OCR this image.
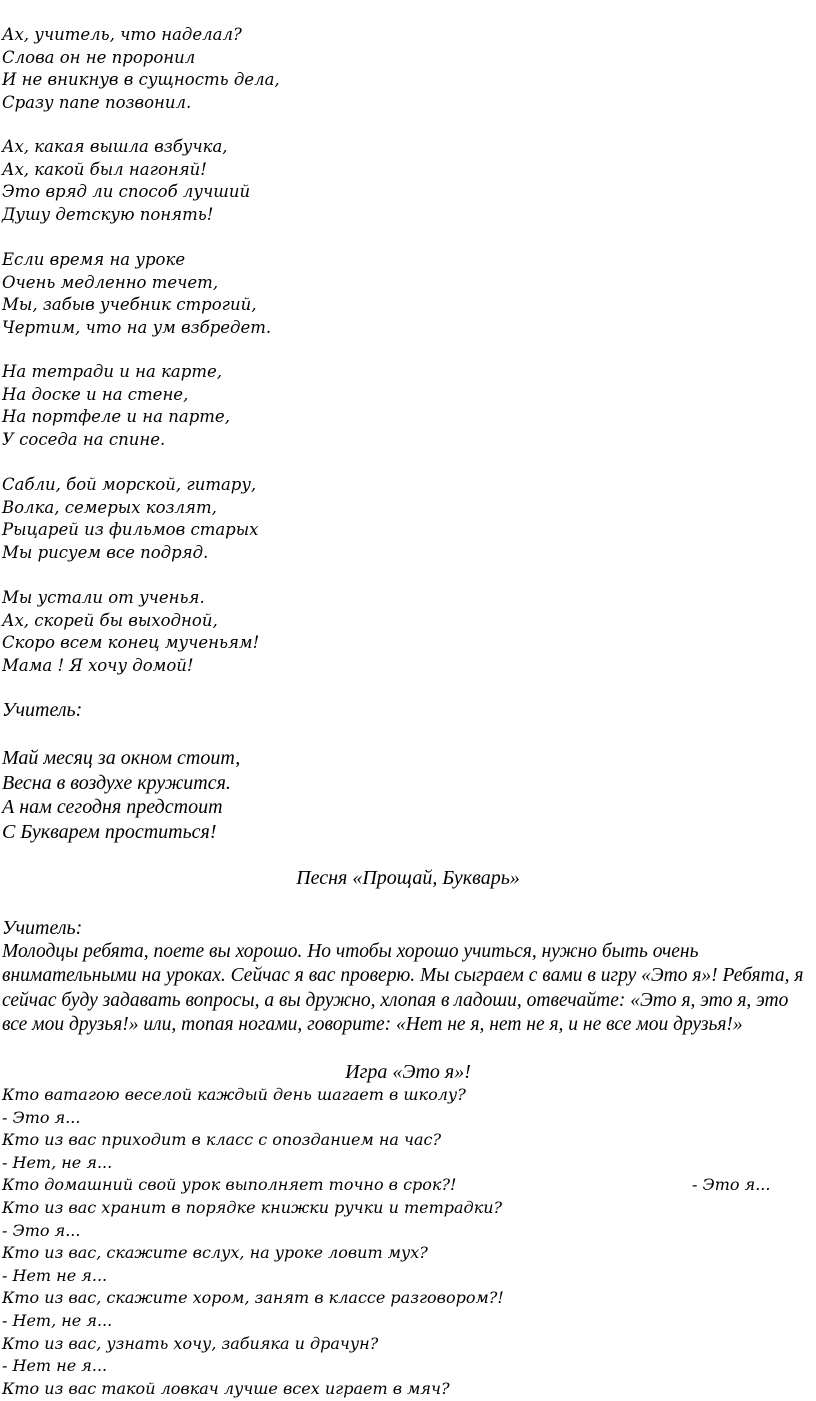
Ах, учитель, что наделал?
Слова он не проронил
И не вникнув в сущность дела,
Сразу папе позвонил.
Ах, какая вышла взбучка,
Ах, какой был нагоняй!
Это вряд ли способ лучший
Душу детскую понять!
Если время на уроке
Очень медленно течет,
Мы, забыв учебник строгий,
Чертим, что на ум взбредет.
На тетради и на карте,
На доске и на стене,
На портфеле и на парте,
У соседа на спине.
Сабли, бой морской, гитару,
Волка, семерых козлят,
Рыцарей из фильмов старых
Мы рисуем все подряд.
Мы устали от ученья.
Ах, скорей бы выходной,
Скоро всем конец мученьям!
Мама ! Я хочу домой!
Учитель:
Май месяц за окном стоит,
Весна в воздухе кружится.
А нам сегодня предстоит
С Букварем проститься!
Песня «Прощай, Букварь»
Учитель:
Молодцы ребята, поете вы хорошо. Но чтобы хорошо учиться, нужно быть очень внимательными на уроках. Сейчас я вас проверю. Мы сыграем с вами в игру «Это я»! Ребята, я сейчас буду задавать вопросы, а вы дружно, хлопая в ладоши, отвечайте: «Это я, это я, это все мои друзья!» или, топая ногами, говорите: «Нет не я, нет не я, и не все мои друзья!»
Игра «Это я»!
Кто ватагою веселой каждый день шагает в школу?
- Это я...
Кто из вас приходит в класс с опозданием на час?
- Нет, не я...
Кто домашний свой урок выполняет точно в срок?!	- Это я...
Кто из вас хранит в порядке книжки ручки и тетрадки?
- Это я...
Кто из вас, скажите вслух, на уроке ловит мух?
- Нет не я...
Кто из вас, скажите хором, занят в классе разговором?!
- Нет, не я...
Кто из вас, узнать хочу, забияка и драчун?
- Нет не я...
Кто из вас такой ловкач лучше всех играет в мяч?
